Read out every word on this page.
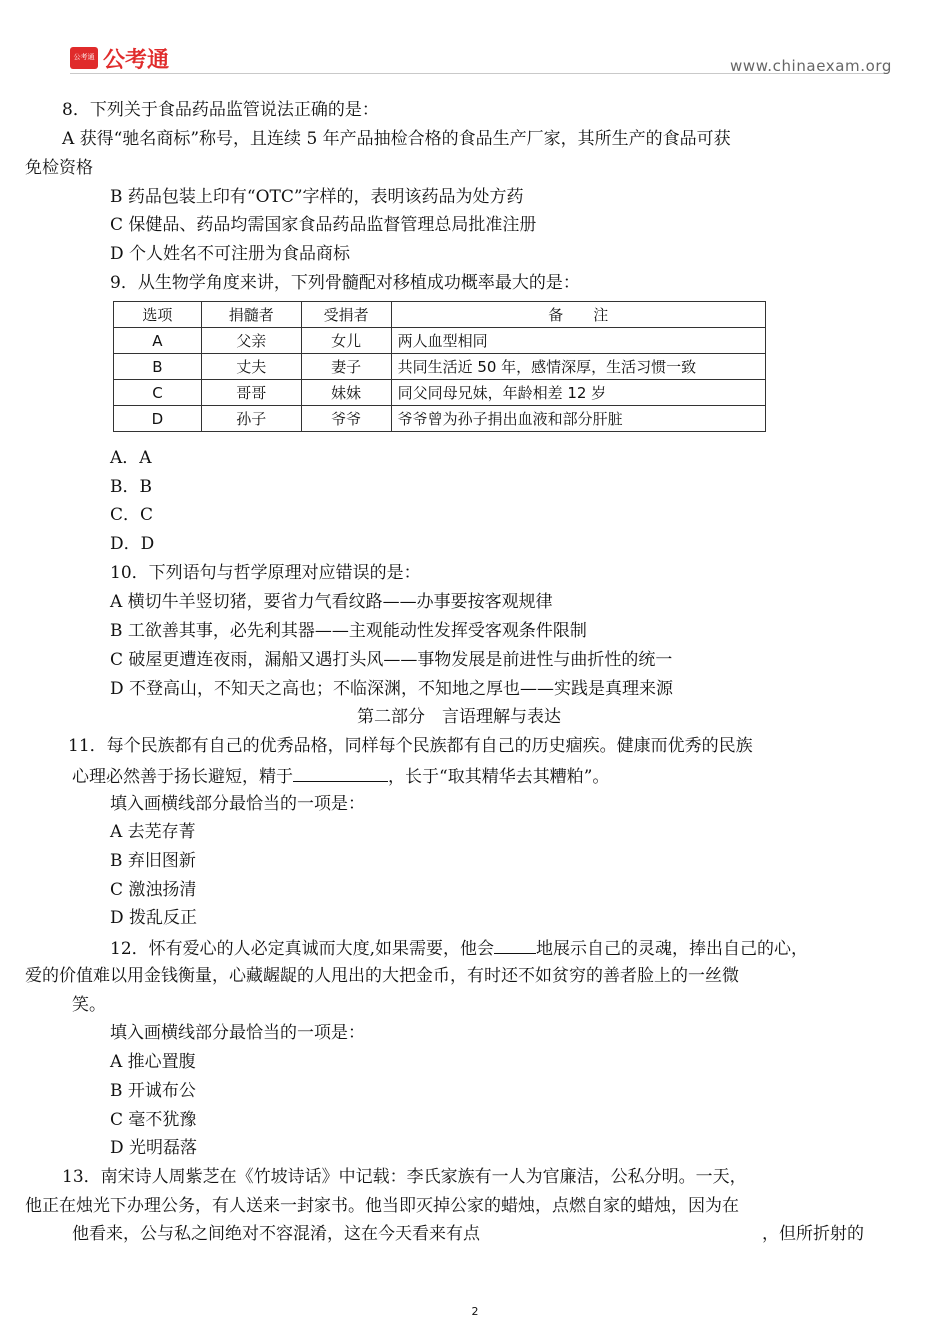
公考通 公考通	www.chinaexam.org
8．下列关于食品药品监管说法正确的是：
A 获得“驰名商标”称号，且连续 5 年产品抽检合格的食品生产厂家，其所生产的食品可获
免检资格
B 药品包装上印有“OTC”字样的，表明该药品为处方药
C 保健品、药品均需国家食品药品监督管理总局批准注册
D 个人姓名不可注册为食品商标
9．从生物学角度来讲，下列骨髓配对移植成功概率最大的是：
选项	捐髓者	受捐者	备　　注
A	父亲	女儿	两人血型相同
B	丈夫	妻子	共同生活近 50 年，感情深厚，生活习惯一致
C	哥哥	妹妹	同父同母兄妹，年龄相差 12 岁
D	孙子	爷爷	爷爷曾为孙子捐出血液和部分肝脏
A．A
B．B
C．C
D．D
10．下列语句与哲学原理对应错误的是：
A 横切牛羊竖切猪，要省力气看纹路——办事要按客观规律
B 工欲善其事，必先利其器——主观能动性发挥受客观条件限制
C 破屋更遭连夜雨，漏船又遇打头风——事物发展是前进性与曲折性的统一
D 不登高山，不知天之高也；不临深渊，不知地之厚也——实践是真理来源
第二部分　言语理解与表达
11．每个民族都有自己的优秀品格，同样每个民族都有自己的历史痼疾。健康而优秀的民族
心理必然善于扬长避短，精于	，长于“取其精华去其糟粕”。
填入画横线部分最恰当的一项是：
A 去芜存菁
B 弃旧图新
C 激浊扬清
D 拨乱反正
12．怀有爱心的人必定真诚而大度,如果需要，他会 地展示自己的灵魂，捧出自己的心，
爱的价值难以用金钱衡量，心藏龌龊的人甩出的大把金币，有时还不如贫穷的善者脸上的一丝微
笑。
填入画横线部分最恰当的一项是：
A 推心置腹
B 开诚布公
C 毫不犹豫
D 光明磊落
13．南宋诗人周紫芝在《竹坡诗话》中记载：李氏家族有一人为官廉洁，公私分明。一天，
他正在烛光下办理公务，有人送来一封家书。他当即灭掉公家的蜡烛，点燃自家的蜡烛，因为在
他看来，公与私之间绝对不容混淆，这在今天看来有点	，但所折射的
2
